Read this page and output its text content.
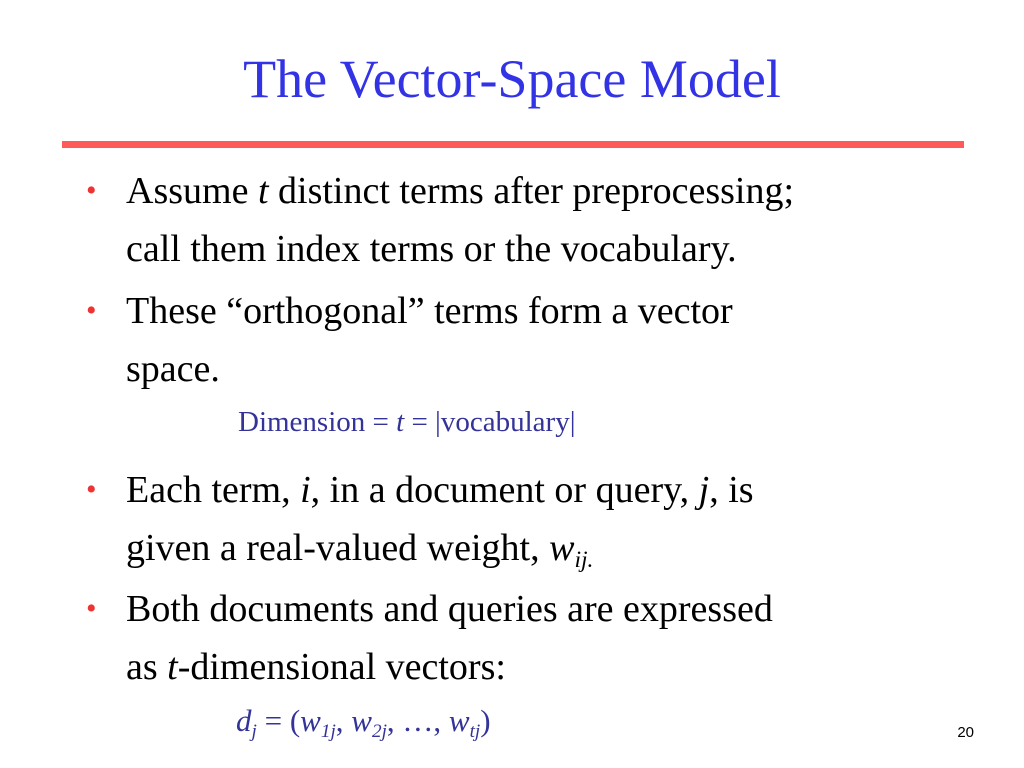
The Vector-Space Model
• Assume t distinct terms after preprocessing;
call them index terms or the vocabulary.
• These “orthogonal” terms form a vector
space.
Dimension = t = |vocabulary|
• Each term, i, in a document or query, j, is
given a real-valued weight, $w_{ij.}$
• Both documents and queries are expressed
as t-dimensional vectors:
$d_j = (w_{1j}$, $w_{2j}$, …, $w_{tj}$)	20
